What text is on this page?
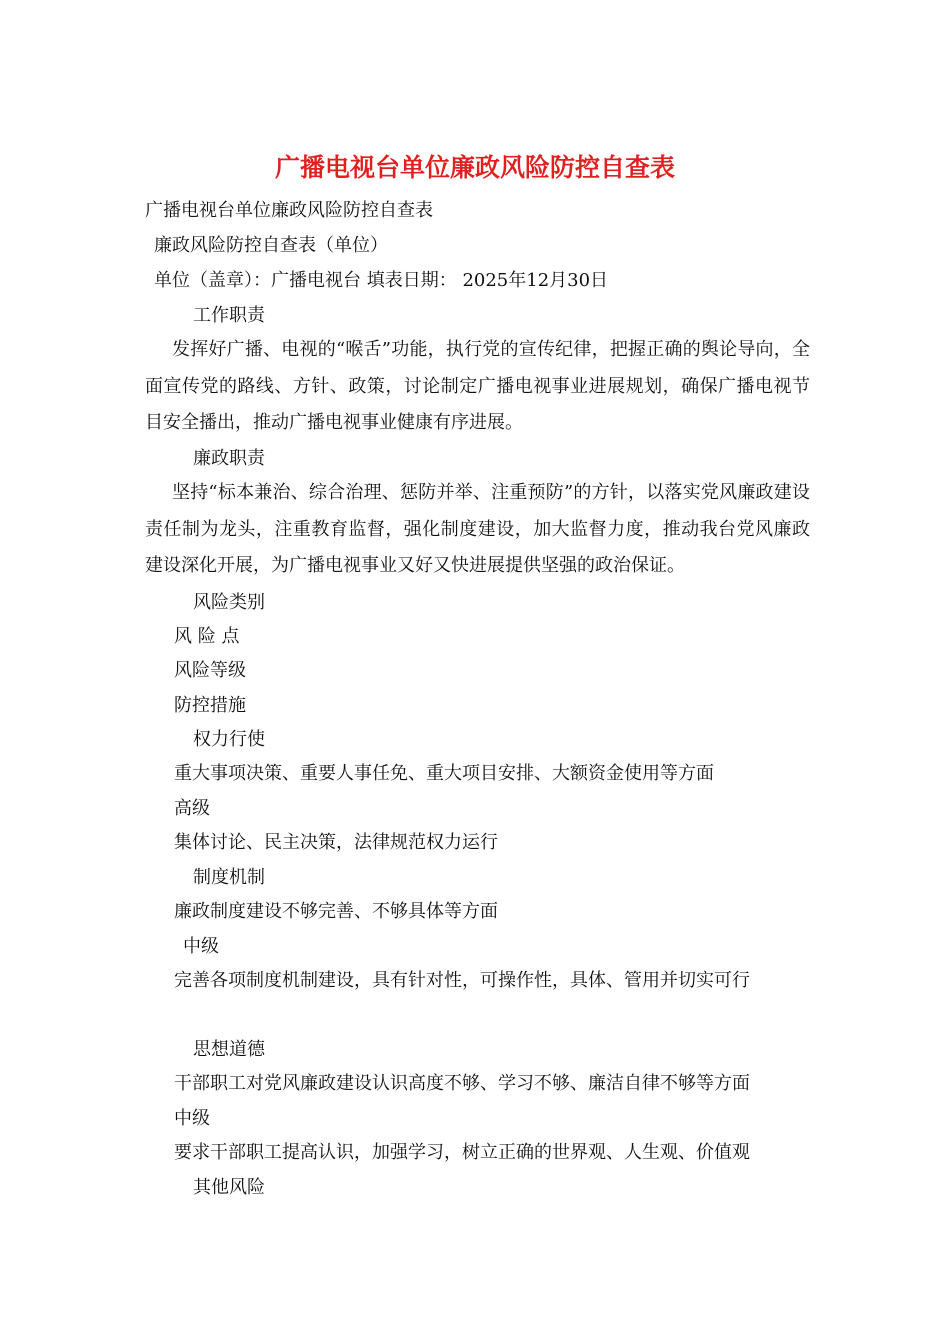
广播电视台单位廉政风险防控自查表
广播电视台单位廉政风险防控自查表
廉政风险防控自查表（单位）
单位（盖章）：广播电视台 填表日期： 2025年12月30日
工作职责
发挥好广播、电视的“喉舌”功能，执行党的宣传纪律，把握正确的舆论导向，全面宣传党的路线、方针、政策，讨论制定广播电视事业进展规划，确保广播电视节目安全播出，推动广播电视事业健康有序进展。
廉政职责
坚持“标本兼治、综合治理、惩防并举、注重预防”的方针，以落实党风廉政建设责任制为龙头，注重教育监督，强化制度建设，加大监督力度，推动我台党风廉政建设深化开展，为广播电视事业又好又快进展提供坚强的政治保证。
风险类别
风 险 点
风险等级
防控措施
权力行使
重大事项决策、重要人事任免、重大项目安排、大额资金使用等方面
高级
集体讨论、民主决策，法律规范权力运行
制度机制
廉政制度建设不够完善、不够具体等方面
中级
完善各项制度机制建设，具有针对性，可操作性，具体、管用并切实可行
思想道德
干部职工对党风廉政建设认识高度不够、学习不够、廉洁自律不够等方面
中级
要求干部职工提高认识，加强学习，树立正确的世界观、人生观、价值观
其他风险
